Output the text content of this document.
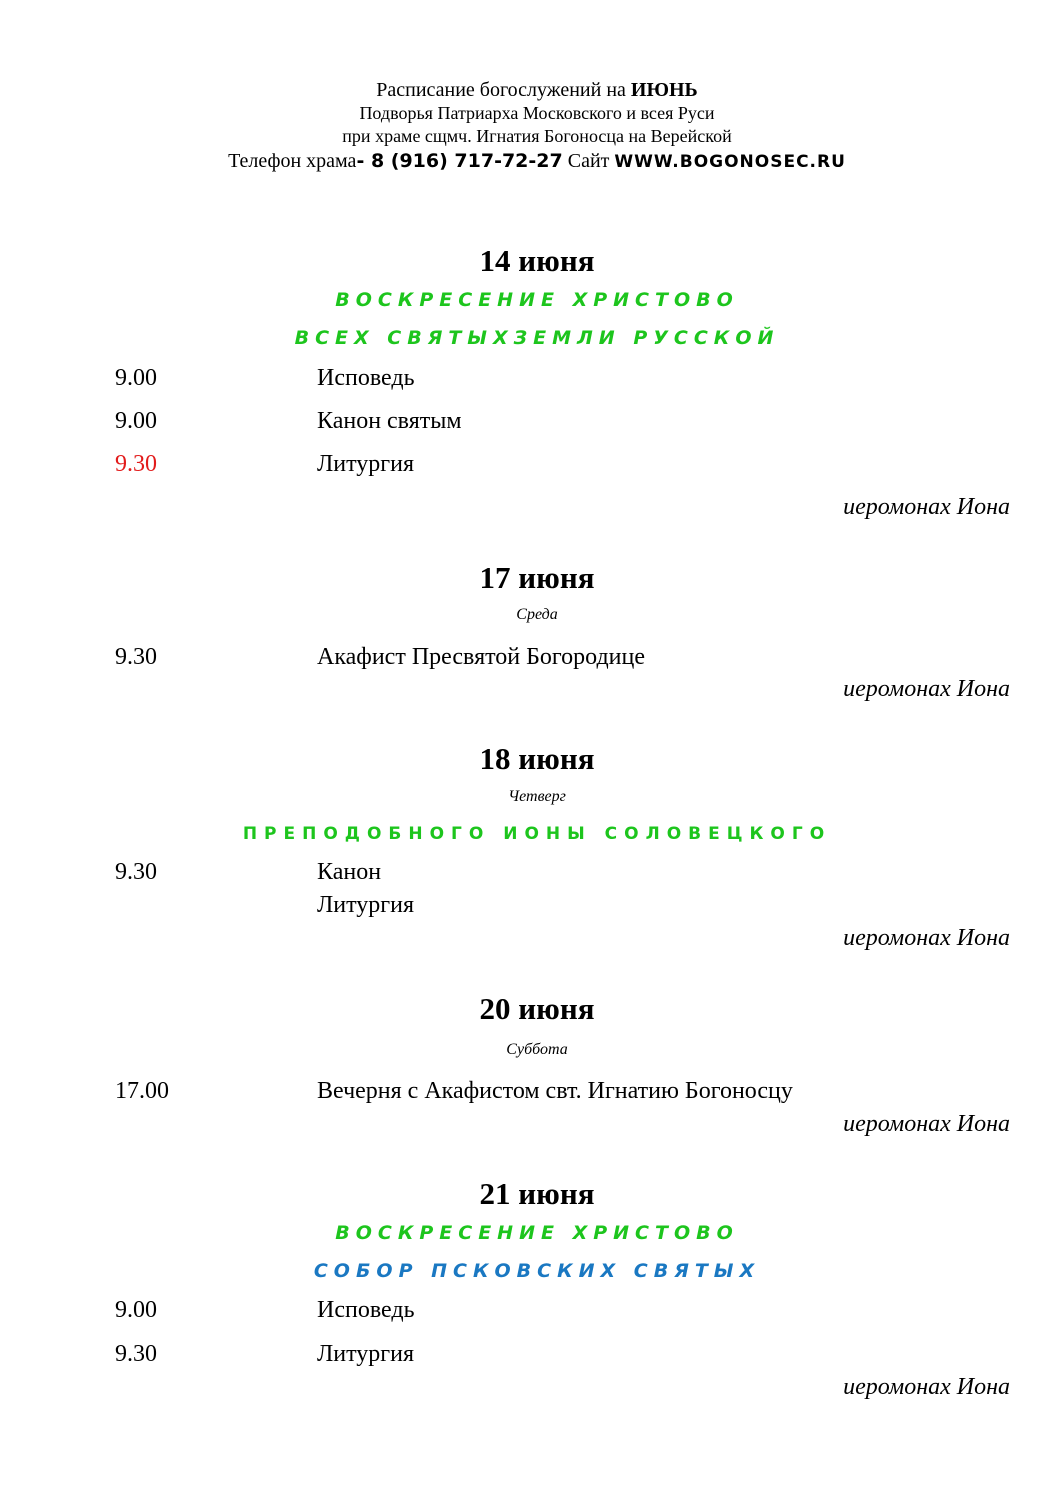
Расписание богослужений на ИЮНЬ
Подворья Патриарха Московского и всея Руси
при храме сщмч. Игнатия Богоносца на Верейской
Телефон храма- 8 (916) 717-72-27 Сайт WWW.BOGONOSEC.RU
14 июня
ВОСКРЕСЕНИЕ ХРИСТОВО
ВСЕХ СВЯТЫХЗЕМЛИ РУССКОЙ
9.00	Исповедь
9.00	Канон святым
9.30	Литургия
иеромонах Иона
17 июня
Среда
9.30	Акафист Пресвятой Богородице
иеромонах Иона
18 июня
Четверг
ПРЕПОДОБНОГО ИОНЫ СОЛОВЕЦКОГО
9.30	Канон
Литургия
иеромонах Иона
20 июня
Суббота
17.00	Вечерня с Акафистом свт. Игнатию Богоносцу
иеромонах Иона
21 июня
ВОСКРЕСЕНИЕ ХРИСТОВО
СОБОР ПСКОВСКИХ СВЯТЫХ
9.00	Исповедь
9.30	Литургия
иеромонах Иона
